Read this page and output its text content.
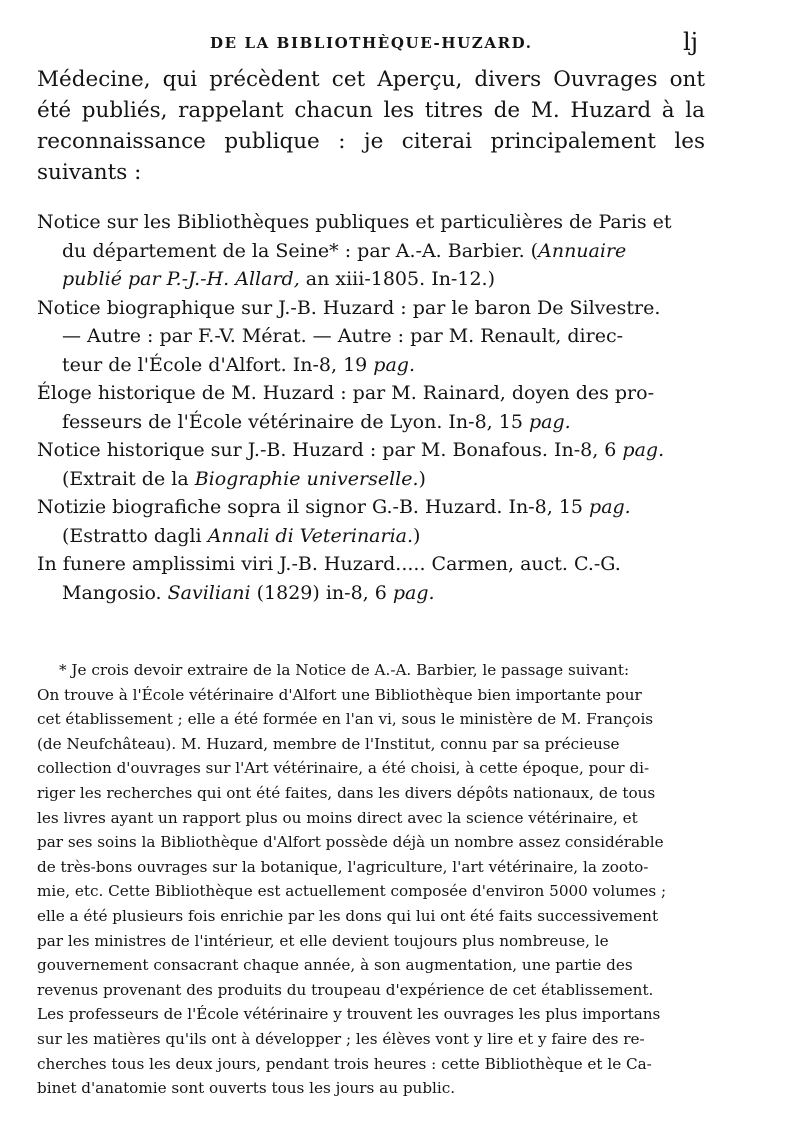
DE LA BIBLIOTHÈQUE-HUZARD.	lj
Médecine, qui précèdent cet Aperçu, divers Ouvrages ont
été publiés, rappelant chacun les titres de M. Huzard à la
reconnaissance publique : je citerai principalement les
suivants :
Notice sur les Bibliothèques publiques et particulières de Paris et
du département de la Seine* : par A.-A. Barbier. (Annuaire
publié par P.-J.-H. Allard, an xiii-1805. In-12.)
Notice biographique sur J.-B. Huzard : par le baron De Silvestre.
— Autre : par F.-V. Mérat. — Autre : par M. Renault, direc-
teur de l'École d'Alfort. In-8, 19 pag.
Éloge historique de M. Huzard : par M. Rainard, doyen des pro-
fesseurs de l'École vétérinaire de Lyon. In-8, 15 pag.
Notice historique sur J.-B. Huzard : par M. Bonafous. In-8, 6 pag.
(Extrait de la Biographie universelle.)
Notizie biografiche sopra il signor G.-B. Huzard. In-8, 15 pag.
(Estratto dagli Annali di Veterinaria.)
In funere amplissimi viri J.-B. Huzard..... Carmen, auct. C.-G.
Mangosio. Saviliani (1829) in-8, 6 pag.
* Je crois devoir extraire de la Notice de A.-A. Barbier, le passage suivant:
On trouve à l'École vétérinaire d'Alfort une Bibliothèque bien importante pour
cet établissement ; elle a été formée en l'an vi, sous le ministère de M. François
(de Neufchâteau). M. Huzard, membre de l'Institut, connu par sa précieuse
collection d'ouvrages sur l'Art vétérinaire, a été choisi, à cette époque, pour di-
riger les recherches qui ont été faites, dans les divers dépôts nationaux, de tous
les livres ayant un rapport plus ou moins direct avec la science vétérinaire, et
par ses soins la Bibliothèque d'Alfort possède déjà un nombre assez considérable
de très-bons ouvrages sur la botanique, l'agriculture, l'art vétérinaire, la zooto-
mie, etc. Cette Bibliothèque est actuellement composée d'environ 5000 volumes ;
elle a été plusieurs fois enrichie par les dons qui lui ont été faits successivement
par les ministres de l'intérieur, et elle devient toujours plus nombreuse, le
gouvernement consacrant chaque année, à son augmentation, une partie des
revenus provenant des produits du troupeau d'expérience de cet établissement.
Les professeurs de l'École vétérinaire y trouvent les ouvrages les plus importans
sur les matières qu'ils ont à développer ; les élèves vont y lire et y faire des re-
cherches tous les deux jours, pendant trois heures : cette Bibliothèque et le Ca-
binet d'anatomie sont ouverts tous les jours au public.
